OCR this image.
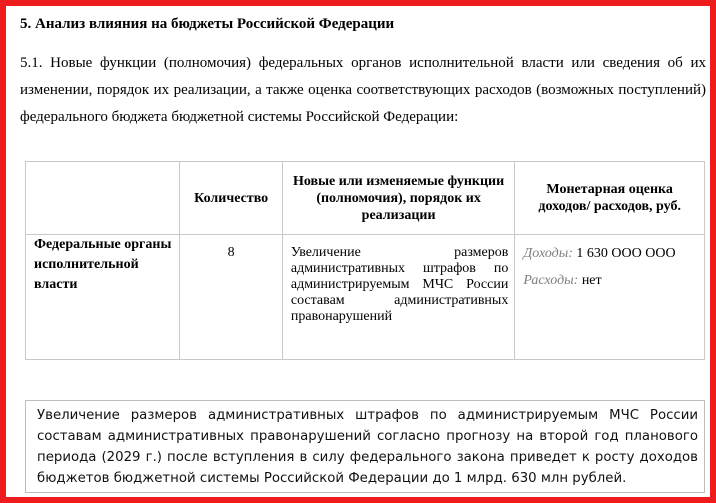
5. Анализ влияния на бюджеты Российской Федерации
5.1. Новые функции (полномочия) федеральных органов исполнительной власти или сведения об их изменении, порядок их реализации, а также оценка соответствующих расходов (возможных поступлений) федерального бюджета бюджетной системы Российской Федерации:

	Количество	Новые или изменяемые функции (полномочия), порядок их реализации	Монетарная оценка доходов/ расходов, руб.

Федеральные органы исполнительной власти	8	Увеличение размеров административных штрафов по администрируемым МЧС России составам административных правонарушений	Доходы: 1 630 ООО ООО
Расходы: нет
Увеличение размеров административных штрафов по администрируемым МЧС России составам административных правонарушений согласно прогнозу на второй год планового периода (2029 г.) после вступления в силу федерального закона приведет к росту доходов бюджетов бюджетной системы Российской Федерации до 1 млрд. 630 млн рублей.
